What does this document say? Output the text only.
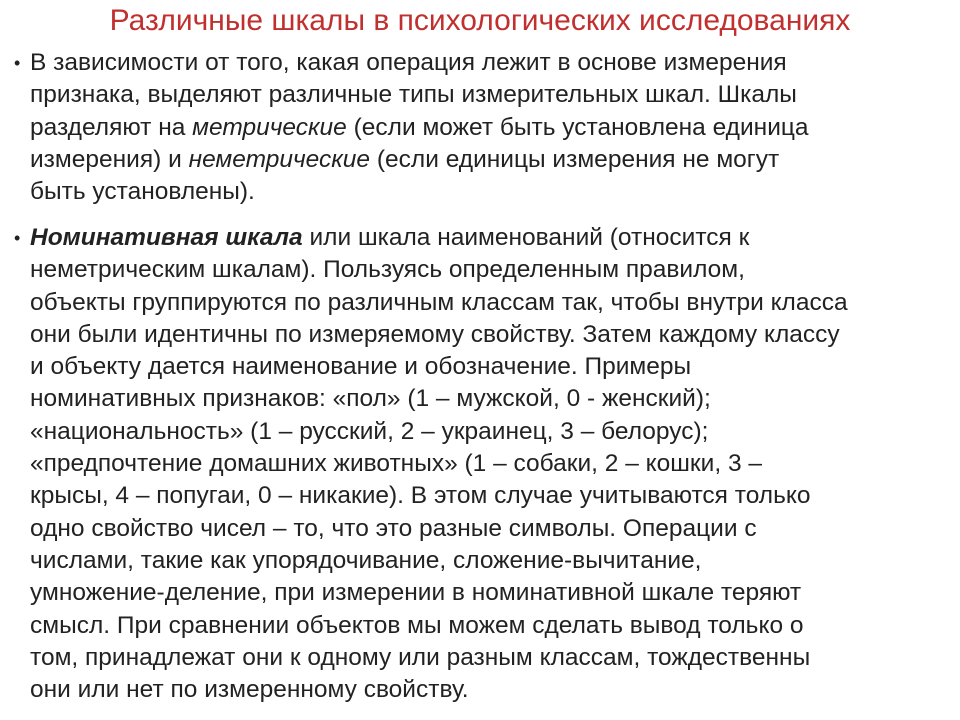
Различные шкалы в психологических исследованиях
• В зависимости от того, какая операция лежит в основе измерения
признака, выделяют различные типы измерительных шкал. Шкалы
разделяют на метрические (если может быть установлена единица
измерения) и неметрические (если единицы измерения не могут
быть установлены).
• Номинативная шкала или шкала наименований (относится к
неметрическим шкалам). Пользуясь определенным правилом,
объекты группируются по различным классам так, чтобы внутри класса
они были идентичны по измеряемому свойству. Затем каждому классу
и объекту дается наименование и обозначение. Примеры
номинативных признаков: «пол» (1 – мужской, 0 - женский);
«национальность» (1 – русский, 2 – украинец, 3 – белорус);
«предпочтение домашних животных» (1 – собаки, 2 – кошки, 3 –
крысы, 4 – попугаи, 0 – никакие). В этом случае учитываются только
одно свойство чисел – то, что это разные символы. Операции с
числами, такие как упорядочивание, сложение-вычитание,
умножение-деление, при измерении в номинативной шкале теряют
смысл. При сравнении объектов мы можем сделать вывод только о
том, принадлежат они к одному или разным классам, тождественны
они или нет по измеренному свойству.
